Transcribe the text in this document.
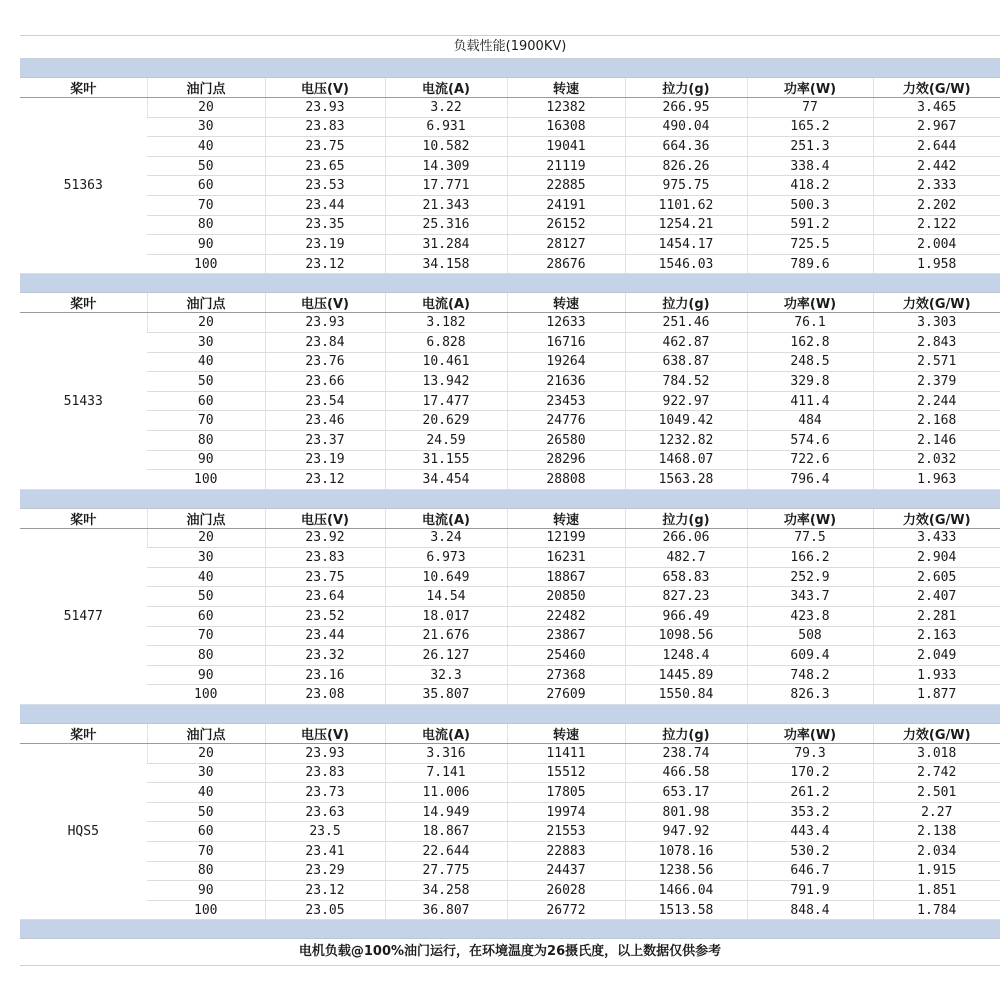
负载性能(1900KV)
桨叶	油门点	电压(V)	电流(A)	转速	拉力(g)	功率(W)	力效(G/W)
51363	20	23.93	3.22	12382	266.95	77	3.465
	30	23.83	6.931	16308	490.04	165.2	2.967
	40	23.75	10.582	19041	664.36	251.3	2.644
	50	23.65	14.309	21119	826.26	338.4	2.442
	60	23.53	17.771	22885	975.75	418.2	2.333
	70	23.44	21.343	24191	1101.62	500.3	2.202
	80	23.35	25.316	26152	1254.21	591.2	2.122
	90	23.19	31.284	28127	1454.17	725.5	2.004
	100	23.12	34.158	28676	1546.03	789.6	1.958
桨叶	油门点	电压(V)	电流(A)	转速	拉力(g)	功率(W)	力效(G/W)
51433	20	23.93	3.182	12633	251.46	76.1	3.303
	30	23.84	6.828	16716	462.87	162.8	2.843
	40	23.76	10.461	19264	638.87	248.5	2.571
	50	23.66	13.942	21636	784.52	329.8	2.379
	60	23.54	17.477	23453	922.97	411.4	2.244
	70	23.46	20.629	24776	1049.42	484	2.168
	80	23.37	24.59	26580	1232.82	574.6	2.146
	90	23.19	31.155	28296	1468.07	722.6	2.032
	100	23.12	34.454	28808	1563.28	796.4	1.963
桨叶	油门点	电压(V)	电流(A)	转速	拉力(g)	功率(W)	力效(G/W)
51477	20	23.92	3.24	12199	266.06	77.5	3.433
	30	23.83	6.973	16231	482.7	166.2	2.904
	40	23.75	10.649	18867	658.83	252.9	2.605
	50	23.64	14.54	20850	827.23	343.7	2.407
	60	23.52	18.017	22482	966.49	423.8	2.281
	70	23.44	21.676	23867	1098.56	508	2.163
	80	23.32	26.127	25460	1248.4	609.4	2.049
	90	23.16	32.3	27368	1445.89	748.2	1.933
	100	23.08	35.807	27609	1550.84	826.3	1.877
桨叶	油门点	电压(V)	电流(A)	转速	拉力(g)	功率(W)	力效(G/W)
HQS5	20	23.93	3.316	11411	238.74	79.3	3.018
	30	23.83	7.141	15512	466.58	170.2	2.742
	40	23.73	11.006	17805	653.17	261.2	2.501
	50	23.63	14.949	19974	801.98	353.2	2.27
	60	23.5	18.867	21553	947.92	443.4	2.138
	70	23.41	22.644	22883	1078.16	530.2	2.034
	80	23.29	27.775	24437	1238.56	646.7	1.915
	90	23.12	34.258	26028	1466.04	791.9	1.851
	100	23.05	36.807	26772	1513.58	848.4	1.784
电机负载@100%油门运行，在环境温度为26摄氏度，以上数据仅供参考
